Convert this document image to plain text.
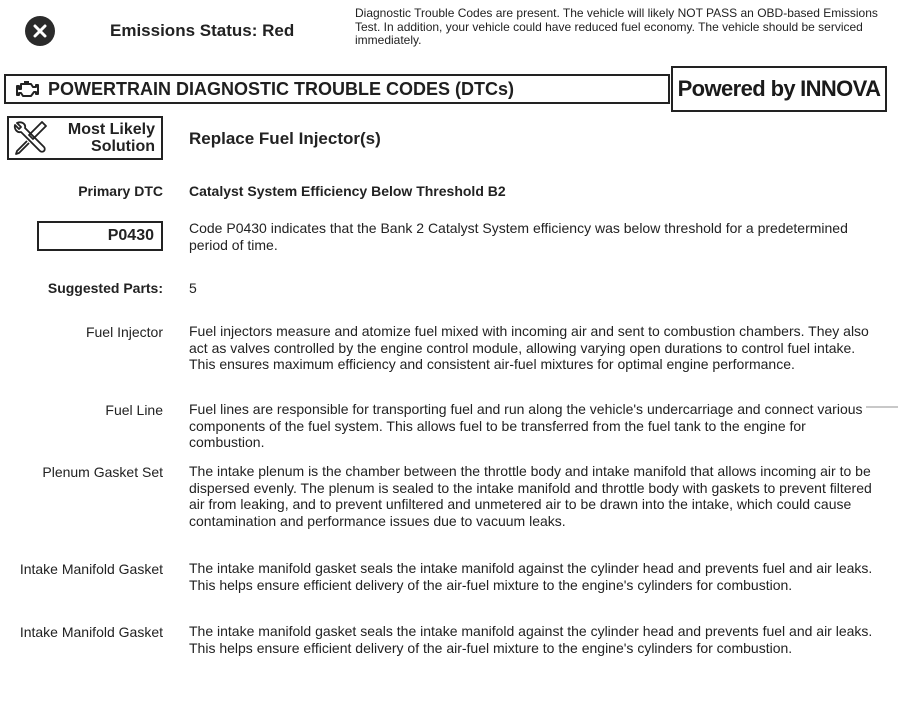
Emissions Status: Red
Diagnostic Trouble Codes are present. The vehicle will likely NOT PASS an OBD-based Emissions Test. In addition, your vehicle could have reduced fuel economy. The vehicle should be serviced immediately.
POWERTRAIN DIAGNOSTIC TROUBLE CODES (DTCs)	Powered by INNOVA
Most Likely
Solution Replace Fuel Injector(s)
Primary DTC Catalyst System Efficiency Below Threshold B2
P0430	Code P0430 indicates that the Bank 2 Catalyst System efficiency was below threshold for a predetermined period of time.
Suggested Parts: 5
Fuel Injector Fuel injectors measure and atomize fuel mixed with incoming air and sent to combustion chambers. They also act as valves controlled by the engine control module, allowing varying open durations to control fuel intake. This ensures maximum efficiency and consistent air-fuel mixtures for optimal engine performance.
Fuel Line Fuel lines are responsible for transporting fuel and run along the vehicle's undercarriage and connect various components of the fuel system. This allows fuel to be transferred from the fuel tank to the engine for combustion.
Plenum Gasket Set The intake plenum is the chamber between the throttle body and intake manifold that allows incoming air to be dispersed evenly. The plenum is sealed to the intake manifold and throttle body with gaskets to prevent filtered air from leaking, and to prevent unfiltered and unmetered air to be drawn into the intake, which could cause contamination and performance issues due to vacuum leaks.
Intake Manifold Gasket The intake manifold gasket seals the intake manifold against the cylinder head and prevents fuel and air leaks. This helps ensure efficient delivery of the air-fuel mixture to the engine's cylinders for combustion.
Intake Manifold Gasket The intake manifold gasket seals the intake manifold against the cylinder head and prevents fuel and air leaks. This helps ensure efficient delivery of the air-fuel mixture to the engine's cylinders for combustion.
